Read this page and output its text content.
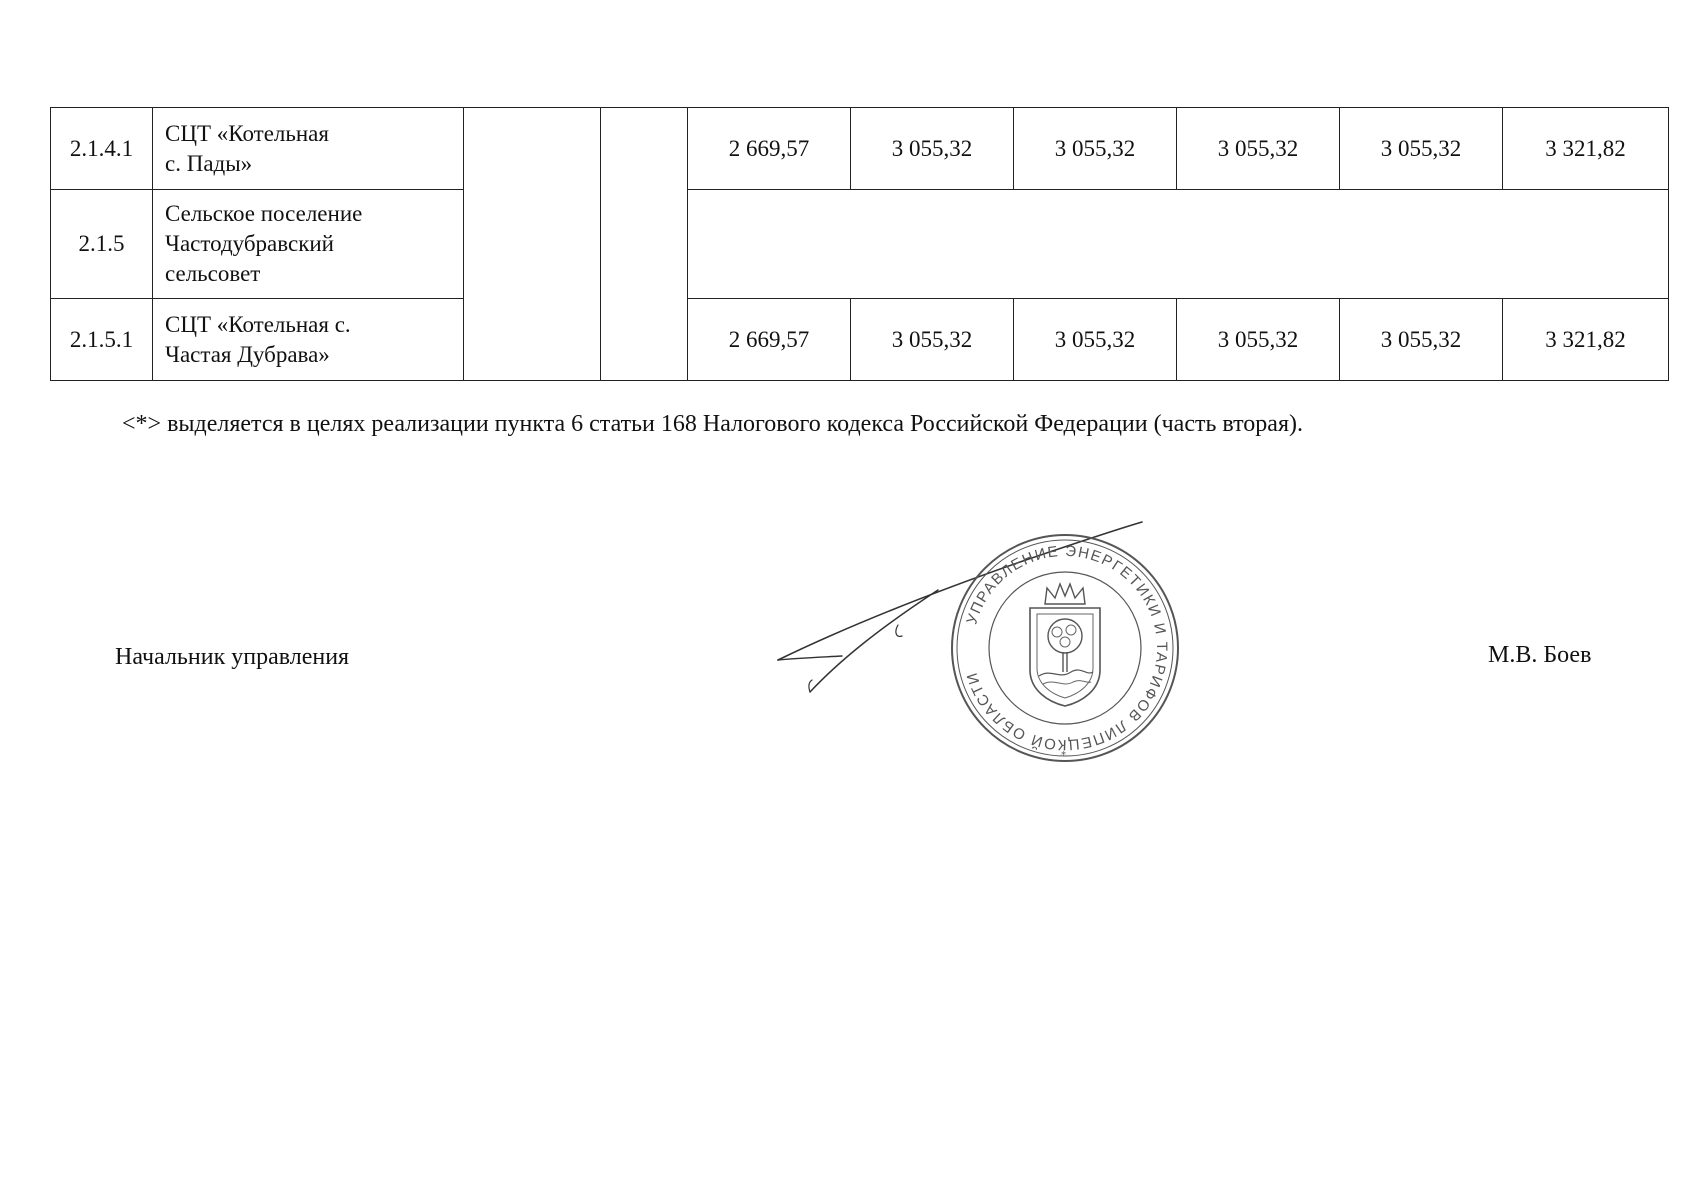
2.1.4.1	СЦТ «Котельная
с. Пады»			2 669,57	3 055,32	3 055,32	3 055,32	3 055,32	3 321,82
2.1.5	Сельское поселение
Частодубравский
сельсовет								
2.1.5.1	СЦТ «Котельная с.
Частая Дубрава»			2 669,57	3 055,32	3 055,32	3 055,32	3 055,32	3 321,82
<*> выделяется в целях реализации пункта 6 статьи 168 Налогового кодекса Российской Федерации (часть вторая).
Начальник управления	М.В. Боев
УПРАВЛЕНИЕ ЭНЕРГЕТИКИ И ТАРИФОВ ЛИПЕЦКОЙ ОБЛАСТИ
*
